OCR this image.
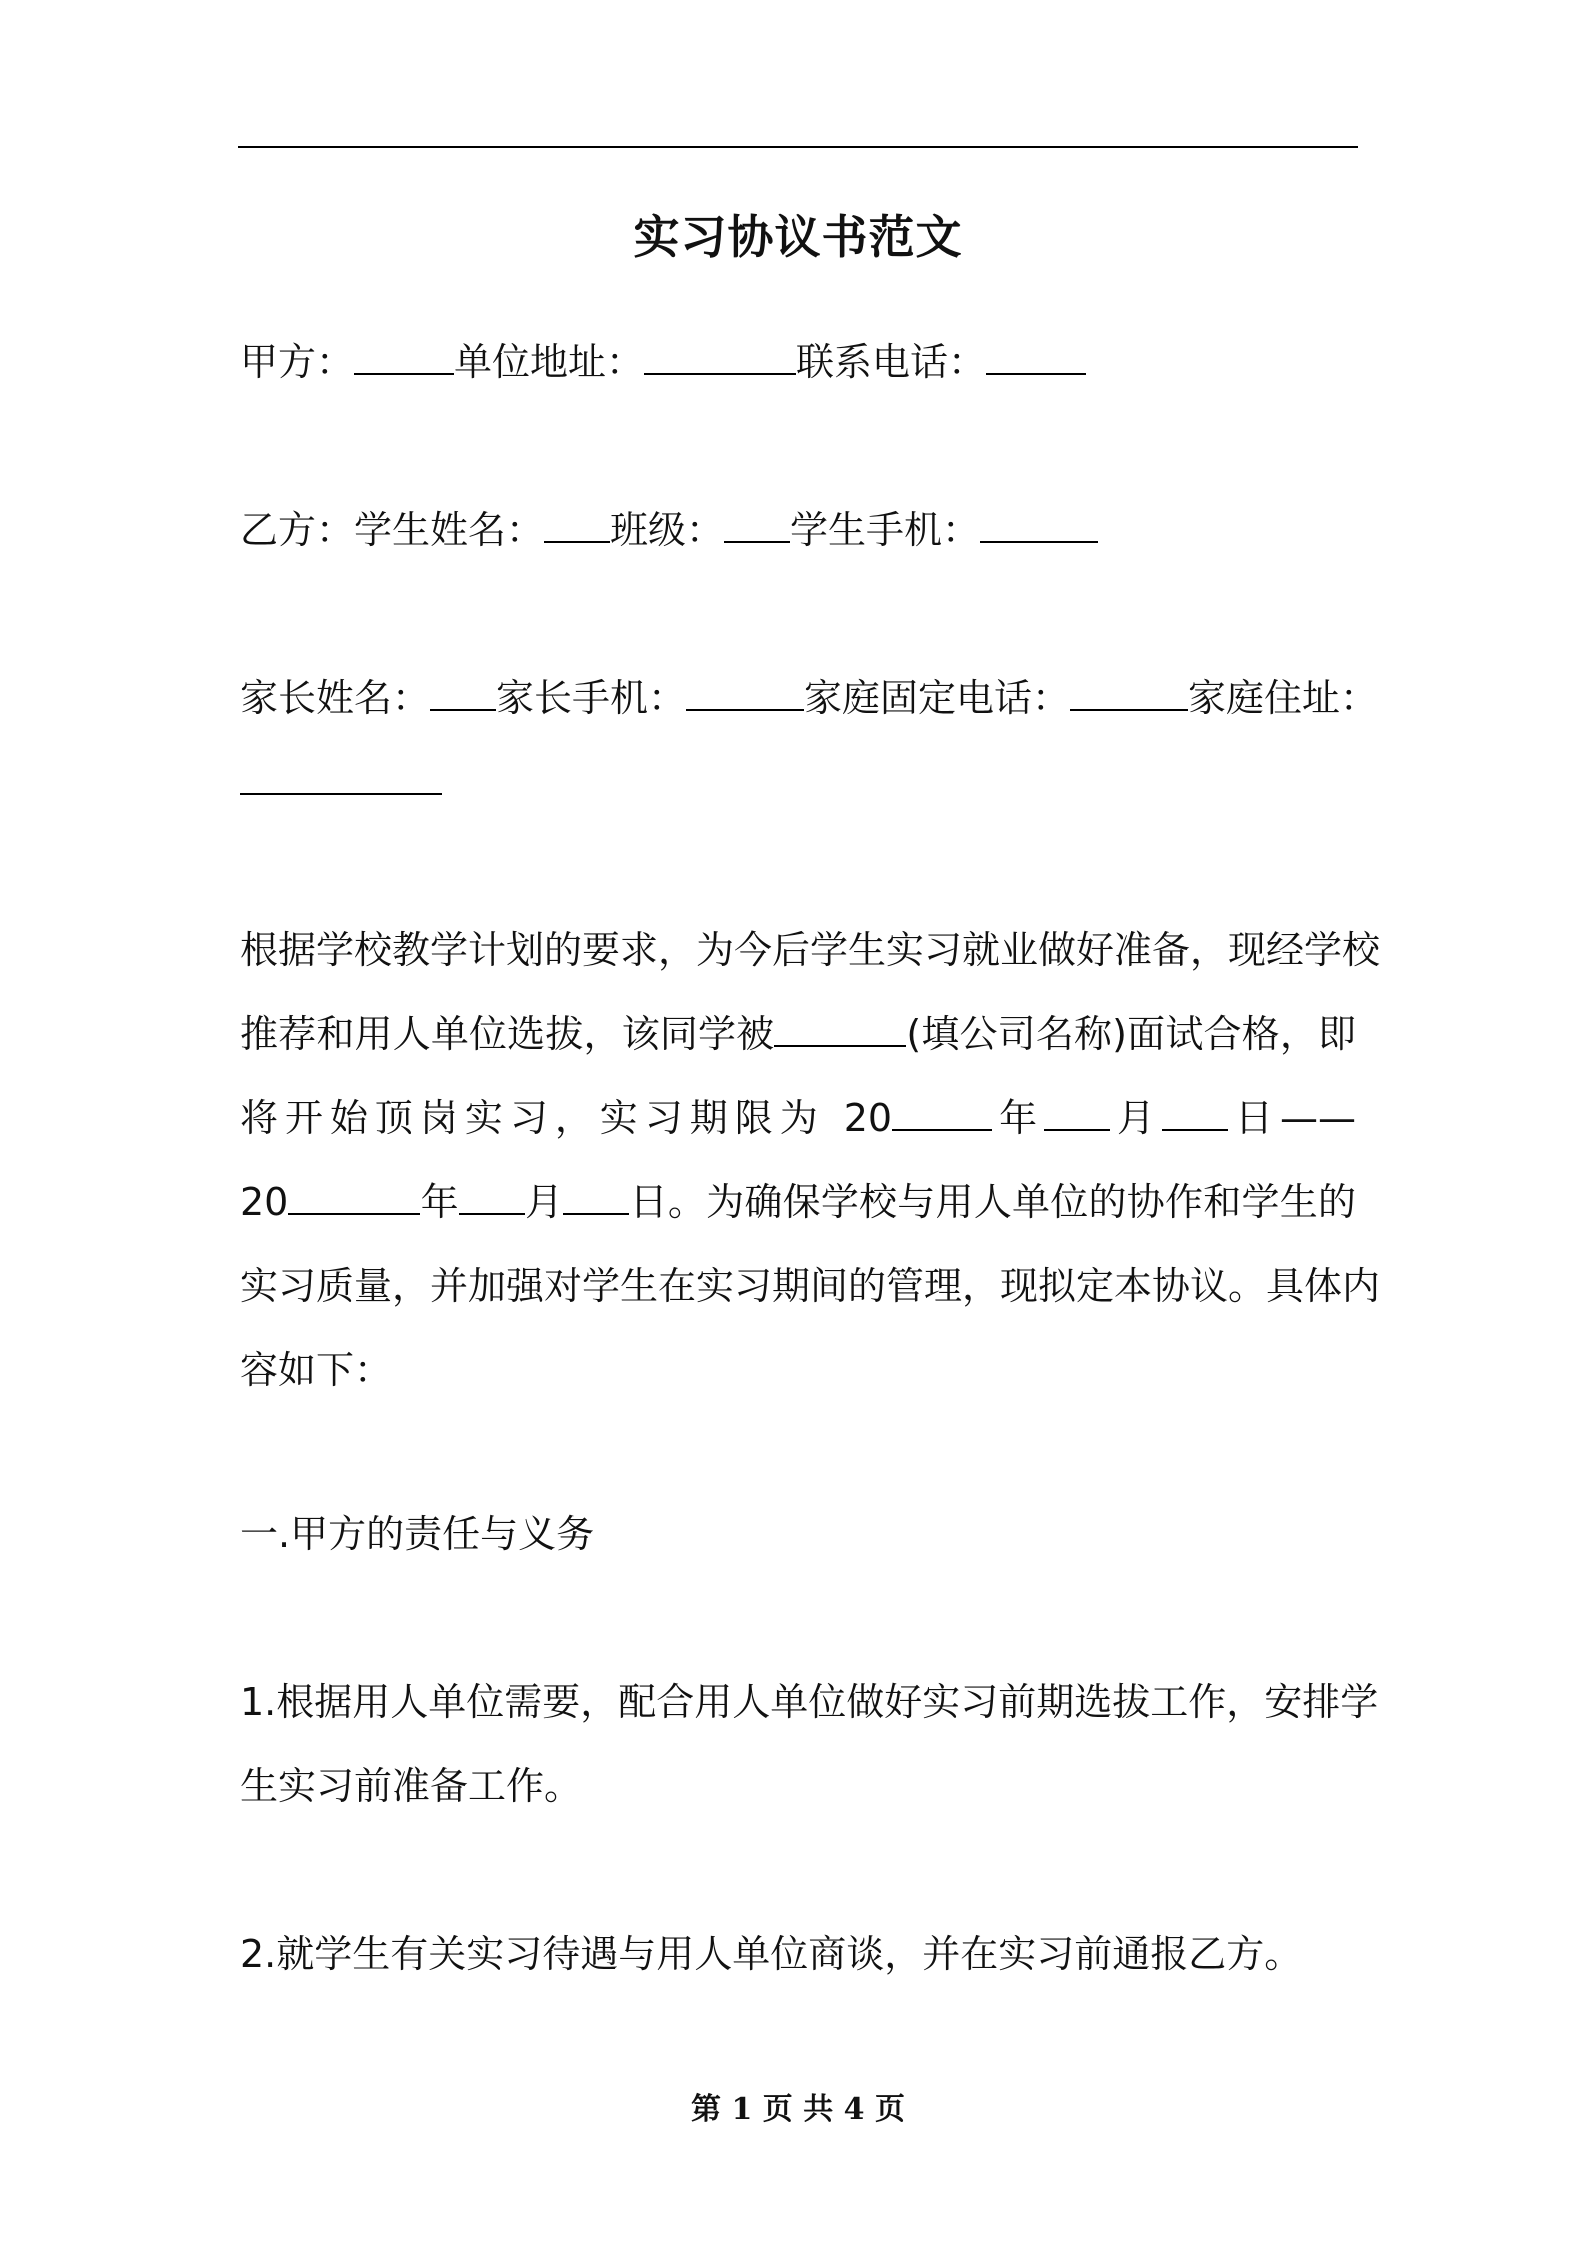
实习协议书范文
甲方：	单位地址：	联系电话：
乙方：学生姓名： 班级： 学生手机：
家长姓名： 家长手机：	家庭固定电话：	家庭住址：
根据学校教学计划的要求，为今后学生实习就业做好准备，现经学校
推荐和用人单位选拔，该同学被	(填公司名称)面试合格，即
将开始顶岗实习，实习期限为 20	年 月 日——
20	年 月 日。为确保学校与用人单位的协作和学生的
实习质量，并加强对学生在实习期间的管理，现拟定本协议。具体内
容如下：
一.甲方的责任与义务
1.根据用人单位需要，配合用人单位做好实习前期选拔工作，安排学
生实习前准备工作。
2.就学生有关实习待遇与用人单位商谈，并在实习前通报乙方。
第 1 页 共 4 页
